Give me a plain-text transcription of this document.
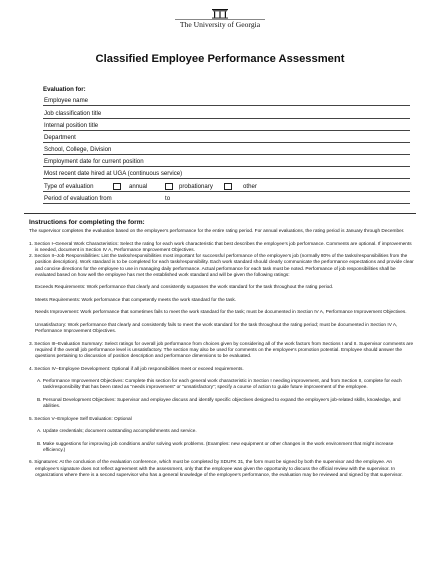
The University of Georgia
Classified Employee Performance Assessment
Evaluation for:
Employee name
Job classification title
Internal position title
Department
School, College, Division
Employment date for current position
Most recent date hired at UGA (continuous service)
Type of evaluation	annual	probationary	other
Period of evaluation from	to
Instructions for completing the form:

The supervisor completes the evaluation based on the employee’s performance for the entire rating period. For annual evaluations, the rating period is January through December.

1. Section I–General Work Characteristics: Select the rating for each work characteristic that best describes the employee’s job performance. Comments are optional. If improvements is needed, document in Section IV A, Performance Improvement Objectives.

2. Section II–Job Responsibilities: List the tasks/responsibilities most important for successful performance of the employee’s job (normally 80% of the tasks/responsibilities from the position description). Work standard is to be completed for each task/responsibility. Each work standard should clearly communicate the performance expectations and provide clear and concise directions for the employee to use in managing daily performance. Actual performance for each task must be noted. Performance of job responsibilities shall be evaluated based on how well the employee has met the established work standard and will be given the following ratings:

Exceeds Requirements: Work performance that clearly and consistently surpasses the work standard for the task throughout the rating period.

Meets Requirements: Work performance that competently meets the work standard for the task.

Needs Improvement: Work performance that sometimes fails to meet the work standard for the task; must be documented in Section IV A, Performance Improvement Objectives.

Unsatisfactory: Work performance that clearly and consistently fails to meet the work standard for the task throughout the rating period; must be documented in Section IV A, Performance Improvement Objectives.

3. Section III–Evaluation Summary: Select ratings for overall job performance from choices given by considering all of the work factors from Sections I and II. Supervisor comments are required if the overall job performance level is unsatisfactory. The section may also be used for comments on the employee’s promotion potential. Employee should answer the questions pertaining to discussion of position description and performance dimensions to be evaluated.

4. Section IV–Employee Development: Optional if all job responsibilities meet or exceed requirements.

A. Performance Improvement Objectives: Complete this section for each general work characteristic in Section I needing improvement, and from Section II, complete for each task/responsibility that has been rated as “needs improvement” or “unsatisfactory”; specify a course of action to guide future improvement of the employee.

B. Personal Development Objectives: Supervisor and employee discuss and identify specific objectives designed to expand the employee’s job-related skills, knowledge, and abilities.

5. Section V–Employee Self Evaluation: Optional

A. Update credentials; document outstanding accomplishments and service.

B. Make suggestions for improving job conditions and/or solving work problems. (Examples: new equipment or other changes in the work environment that might increase efficiency.)

6. Signatures: At the conclusion of the evaluation conference, which must be completed by SDUFK 31, the form must be signed by both the supervisor and the employee. An employee’s signature does not reflect agreement with the assessment, only that the employee was given the opportunity to discuss the official review with the supervisor. In organizations where there is a second supervisor who has a general knowledge of the employee’s performance, the evaluation may be reviewed and signed by that supervisor.
